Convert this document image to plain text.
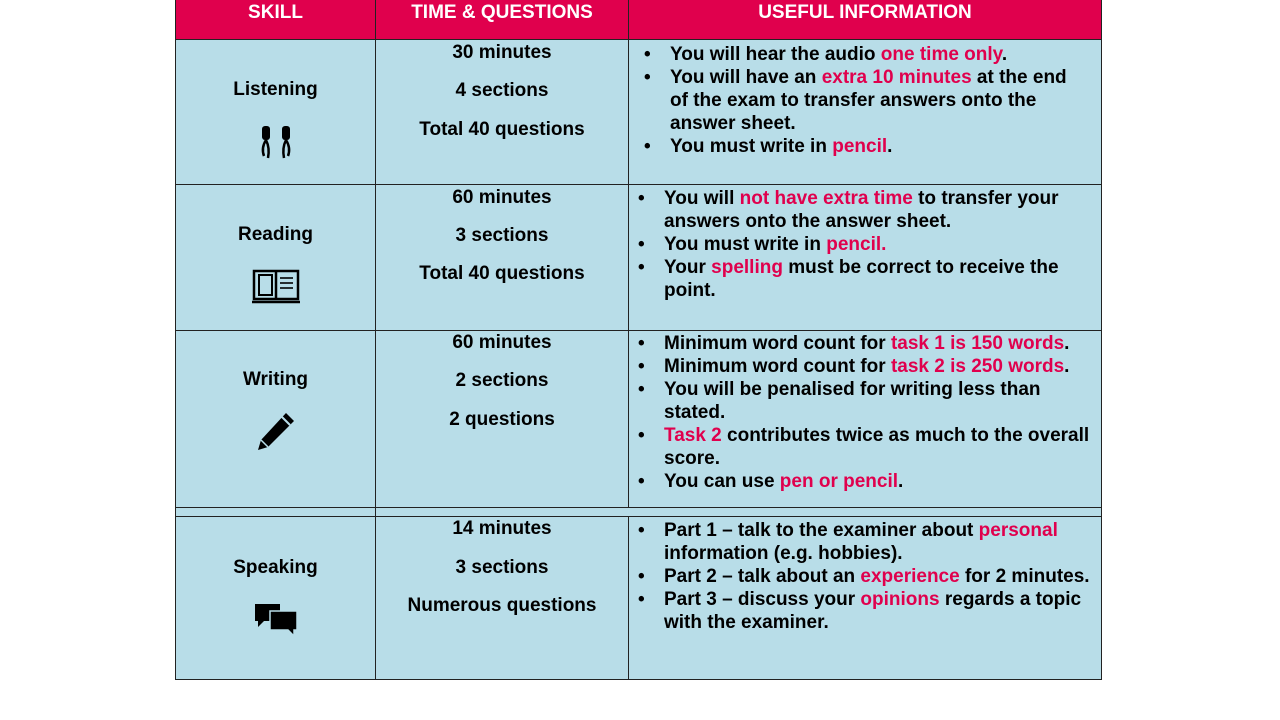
SKILL	TIME & QUESTIONS	USEFUL INFORMATION
Listening
30 minutes
4 sections
Total 40 questions
• You will hear the audio one time only.
• You will have an extra 10 minutes at the end of the exam to transfer answers onto the answer sheet.
• You must write in pencil.
Reading
60 minutes
3 sections
Total 40 questions
• You will not have extra time to transfer your answers onto the answer sheet.
• You must write in pencil.
• Your spelling must be correct to receive the point.
Writing
60 minutes
2 sections
2 questions
• Minimum word count for task 1 is 150 words.
• Minimum word count for task 2 is 250 words.
• You will be penalised for writing less than stated.
• Task 2 contributes twice as much to the overall score.
• You can use pen or pencil.
Speaking
14 minutes
3 sections
Numerous questions
• Part 1 – talk to the examiner about personal information (e.g. hobbies).
• Part 2 – talk about an experience for 2 minutes.
• Part 3 – discuss your opinions regards a topic with the examiner.
